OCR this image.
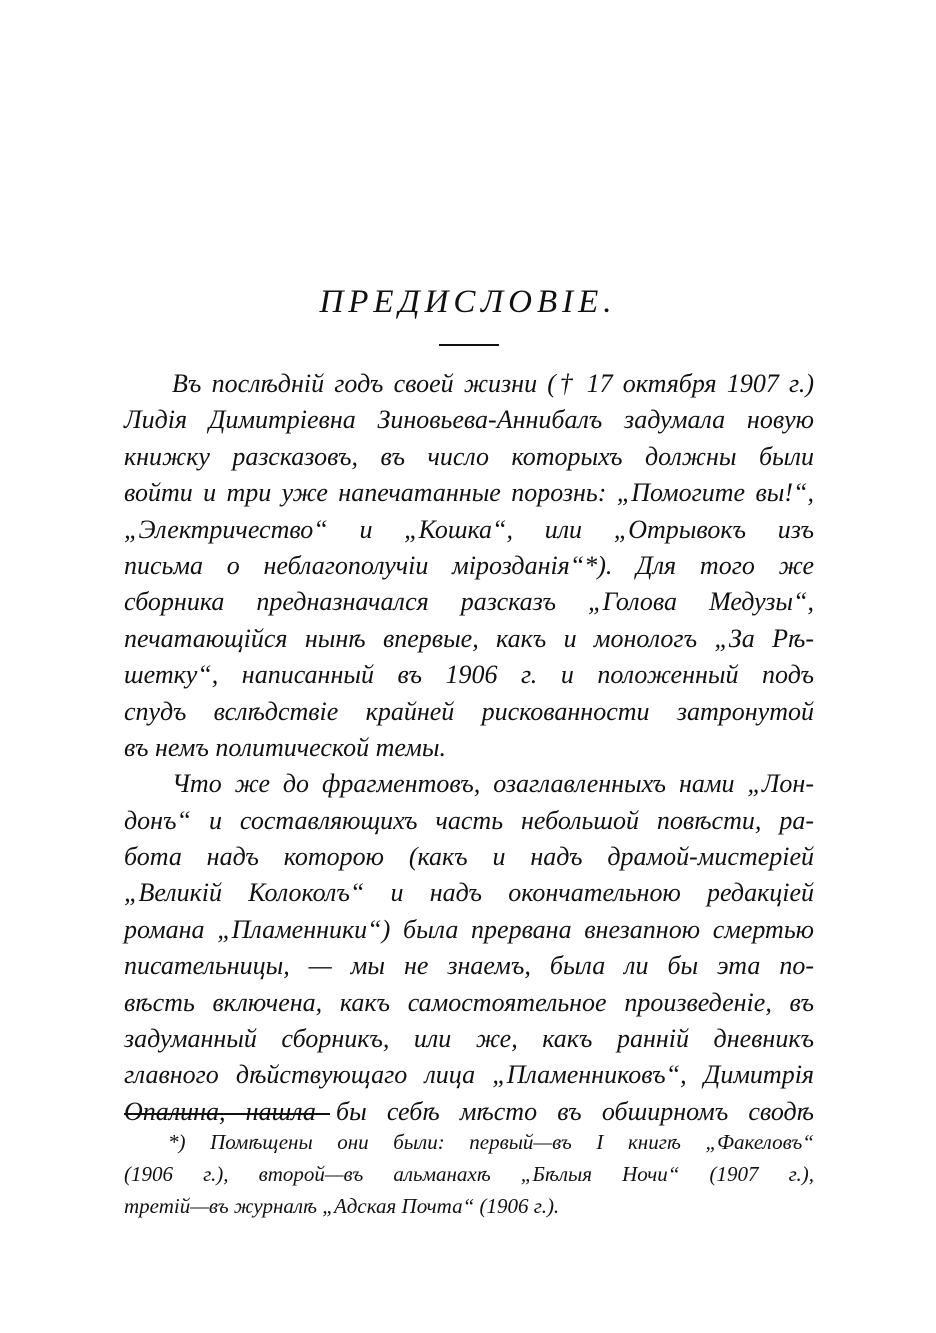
ПРЕДИСЛОВІЕ.
Въ послѣдній годъ своей жизни († 17 октября 1907 г.)
Лидія Димитріевна Зиновьева-Аннибалъ задумала новую
книжку разсказовъ, въ число которыхъ должны были
войти и три уже напечатанные порознь: „Помогите вы!“,
„Электричество“ и „Кошка“, или „Отрывокъ изъ
письма о неблагополучіи мірозданія“*). Для того же
сборника предназначался разсказъ „Голова Медузы“,
печатающійся нынѣ впервые, какъ и монологъ „За Рѣ-
шетку“, написанный въ 1906 г. и положенный подъ
спудъ вслѣдствіе крайней рискованности затронутой
въ немъ политической темы.
Что же до фрагментовъ, озаглавленныхъ нами „Лон-
донъ“ и составляющихъ часть небольшой повѣсти, ра-
бота надъ которою (какъ и надъ драмой-мистеріей
„Великій Колоколъ“ и надъ окончательною редакціей
романа „Пламенники“) была прервана внезапною смертью
писательницы, — мы не знаемъ, была ли бы эта по-
вѣсть включена, какъ самостоятельное произведеніе, въ
задуманный сборникъ, или же, какъ ранній дневникъ
главного дѣйствующаго лица „Пламенниковъ“, Димитрія
Опалина, нашла бы себѣ мѣсто въ обширномъ сводѣ
*) Помѣщены они были: первый—въ I книгѣ „Факеловъ“
(1906 г.), второй—въ альманахѣ „Бѣлыя Ночи“ (1907 г.),
третій—въ журналѣ „Адская Почта“ (1906 г.).
